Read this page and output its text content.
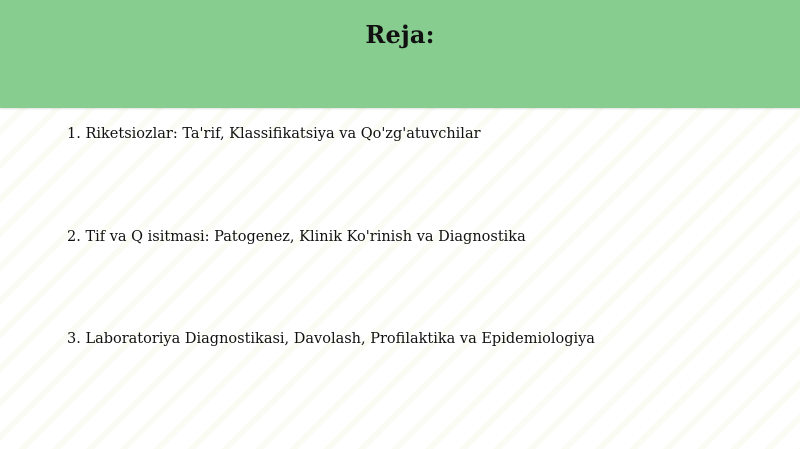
Reja:
1. Riketsiozlar: Ta'rif, Klassifikatsiya va Qo'zg'atuvchilar
2. Tif va Q isitmasi: Patogenez, Klinik Ko'rinish va Diagnostika
3. Laboratoriya Diagnostikasi, Davolash, Profilaktika va Epidemiologiya
